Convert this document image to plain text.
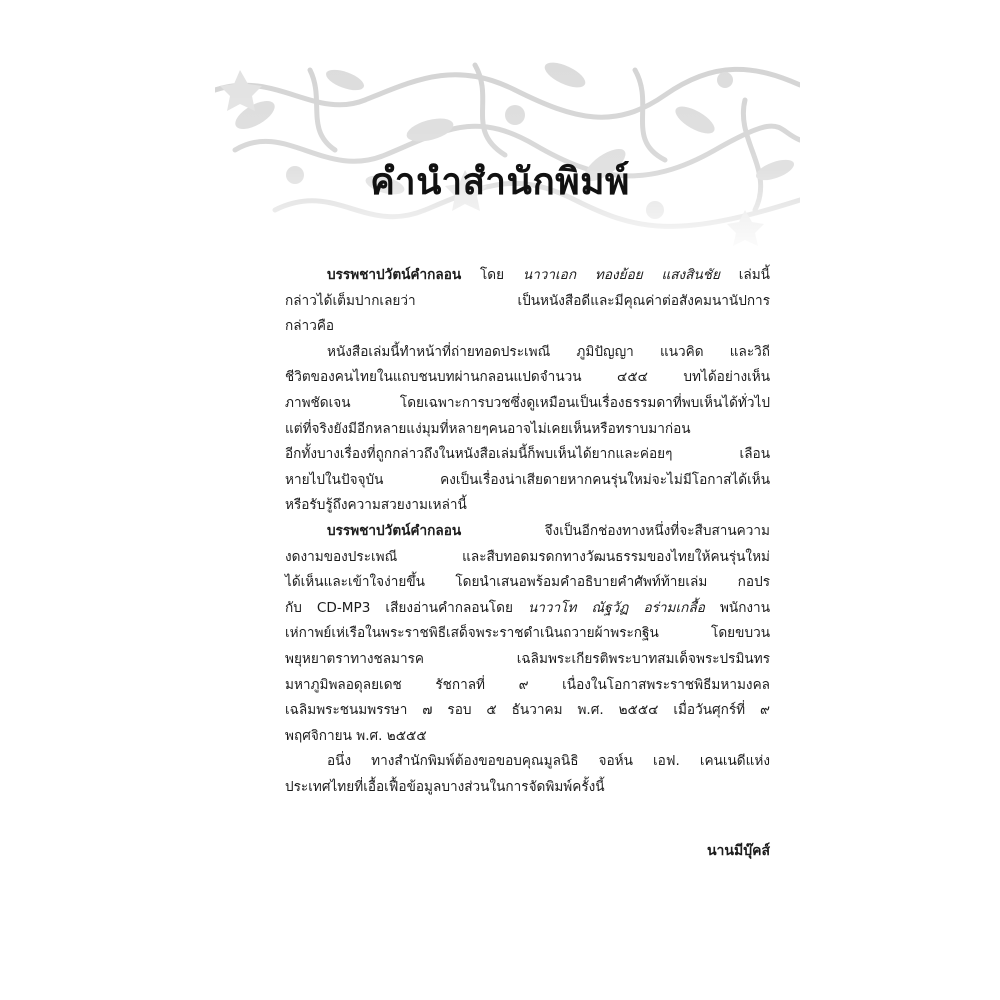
คำนำสำนักพิมพ์
บรรพชาปวัตน์คำกลอน โดย นาวาเอก ทองย้อย แสงสินชัย เล่มนี้
กล่าวได้เต็มปากเลยว่า เป็นหนังสือดีและมีคุณค่าต่อสังคมนานัปการ
กล่าวคือ
หนังสือเล่มนี้ทำหน้าที่ถ่ายทอดประเพณี ภูมิปัญญา แนวคิด และวิถี
ชีวิตของคนไทยในแถบชนบทผ่านกลอนแปดจำนวน ๔๕๔ บทได้อย่างเห็น
ภาพชัดเจน โดยเฉพาะการบวชซึ่งดูเหมือนเป็นเรื่องธรรมดาที่พบเห็นได้ทั่วไป
แต่ที่จริงยังมีอีกหลายแง่มุมที่หลายๆคนอาจไม่เคยเห็นหรือทราบมาก่อน
อีกทั้งบางเรื่องที่ถูกกล่าวถึงในหนังสือเล่มนี้ก็พบเห็นได้ยากและค่อยๆ เลือน
หายไปในปัจจุบัน คงเป็นเรื่องน่าเสียดายหากคนรุ่นใหม่จะไม่มีโอกาสได้เห็น
หรือรับรู้ถึงความสวยงามเหล่านี้
บรรพชาปวัตน์คำกลอน จึงเป็นอีกช่องทางหนึ่งที่จะสืบสานความ
งดงามของประเพณี และสืบทอดมรดกทางวัฒนธรรมของไทยให้คนรุ่นใหม่
ได้เห็นและเข้าใจง่ายขึ้น โดยนำเสนอพร้อมคำอธิบายคำศัพท์ท้ายเล่ม กอปร
กับ CD-MP3 เสียงอ่านคำกลอนโดย นาวาโท ณัฐวัฏ อร่ามเกลื้อ พนักงาน
เห่กาพย์เห่เรือในพระราชพิธีเสด็จพระราชดำเนินถวายผ้าพระกฐิน โดยขบวน
พยุหยาตราทางชลมารค เฉลิมพระเกียรติพระบาทสมเด็จพระปรมินทร
มหาภูมิพลอดุลยเดช รัชกาลที่ ๙ เนื่องในโอกาสพระราชพิธีมหามงคล
เฉลิมพระชนมพรรษา ๗ รอบ ๕ ธันวาคม พ.ศ. ๒๕๕๔ เมื่อวันศุกร์ที่ ๙
พฤศจิกายน พ.ศ. ๒๕๕๕
อนึ่ง ทางสำนักพิมพ์ต้องขอขอบคุณมูลนิธิ จอห์น เอฟ. เคนเนดีแห่ง
ประเทศไทยที่เอื้อเฟื้อข้อมูลบางส่วนในการจัดพิมพ์ครั้งนี้
นานมีบุ๊คส์
